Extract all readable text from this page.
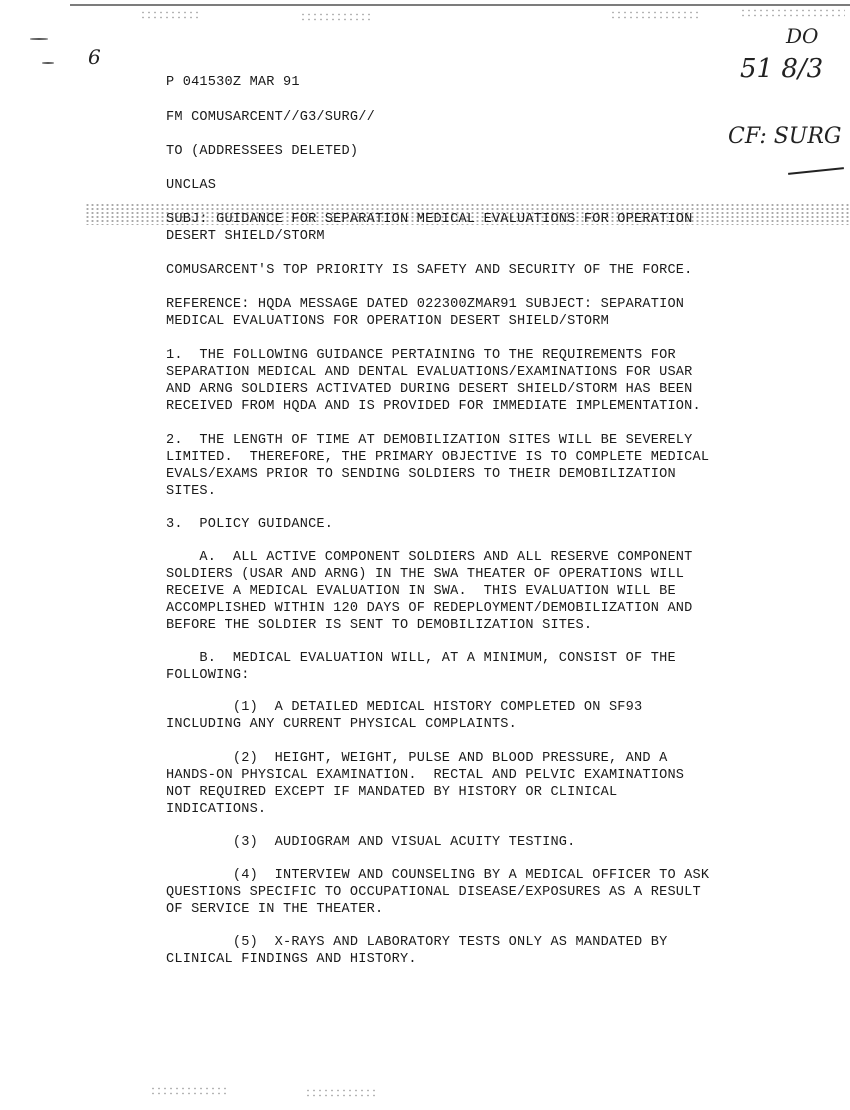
6
DO
51 8/3
CF: SURG
P 041530Z MAR 91
FM COMUSARCENT//G3/SURG//
TO (ADDRESSEES DELETED)
UNCLAS
SUBJ: GUIDANCE FOR SEPARATION MEDICAL EVALUATIONS FOR OPERATION
DESERT SHIELD/STORM
COMUSARCENT'S TOP PRIORITY IS SAFETY AND SECURITY OF THE FORCE.
REFERENCE: HQDA MESSAGE DATED 022300ZMAR91 SUBJECT: SEPARATION
MEDICAL EVALUATIONS FOR OPERATION DESERT SHIELD/STORM
1.  THE FOLLOWING GUIDANCE PERTAINING TO THE REQUIREMENTS FOR
SEPARATION MEDICAL AND DENTAL EVALUATIONS/EXAMINATIONS FOR USAR
AND ARNG SOLDIERS ACTIVATED DURING DESERT SHIELD/STORM HAS BEEN
RECEIVED FROM HQDA AND IS PROVIDED FOR IMMEDIATE IMPLEMENTATION.
2.  THE LENGTH OF TIME AT DEMOBILIZATION SITES WILL BE SEVERELY
LIMITED.  THEREFORE, THE PRIMARY OBJECTIVE IS TO COMPLETE MEDICAL
EVALS/EXAMS PRIOR TO SENDING SOLDIERS TO THEIR DEMOBILIZATION
SITES.
3.  POLICY GUIDANCE.
A.  ALL ACTIVE COMPONENT SOLDIERS AND ALL RESERVE COMPONENT
SOLDIERS (USAR AND ARNG) IN THE SWA THEATER OF OPERATIONS WILL
RECEIVE A MEDICAL EVALUATION IN SWA.  THIS EVALUATION WILL BE
ACCOMPLISHED WITHIN 120 DAYS OF REDEPLOYMENT/DEMOBILIZATION AND
BEFORE THE SOLDIER IS SENT TO DEMOBILIZATION SITES.
B.  MEDICAL EVALUATION WILL, AT A MINIMUM, CONSIST OF THE
FOLLOWING:
(1)  A DETAILED MEDICAL HISTORY COMPLETED ON SF93
INCLUDING ANY CURRENT PHYSICAL COMPLAINTS.
(2)  HEIGHT, WEIGHT, PULSE AND BLOOD PRESSURE, AND A
HANDS-ON PHYSICAL EXAMINATION.  RECTAL AND PELVIC EXAMINATIONS
NOT REQUIRED EXCEPT IF MANDATED BY HISTORY OR CLINICAL
INDICATIONS.
(3)  AUDIOGRAM AND VISUAL ACUITY TESTING.
(4)  INTERVIEW AND COUNSELING BY A MEDICAL OFFICER TO ASK
QUESTIONS SPECIFIC TO OCCUPATIONAL DISEASE/EXPOSURES AS A RESULT
OF SERVICE IN THE THEATER.
(5)  X-RAYS AND LABORATORY TESTS ONLY AS MANDATED BY
CLINICAL FINDINGS AND HISTORY.
